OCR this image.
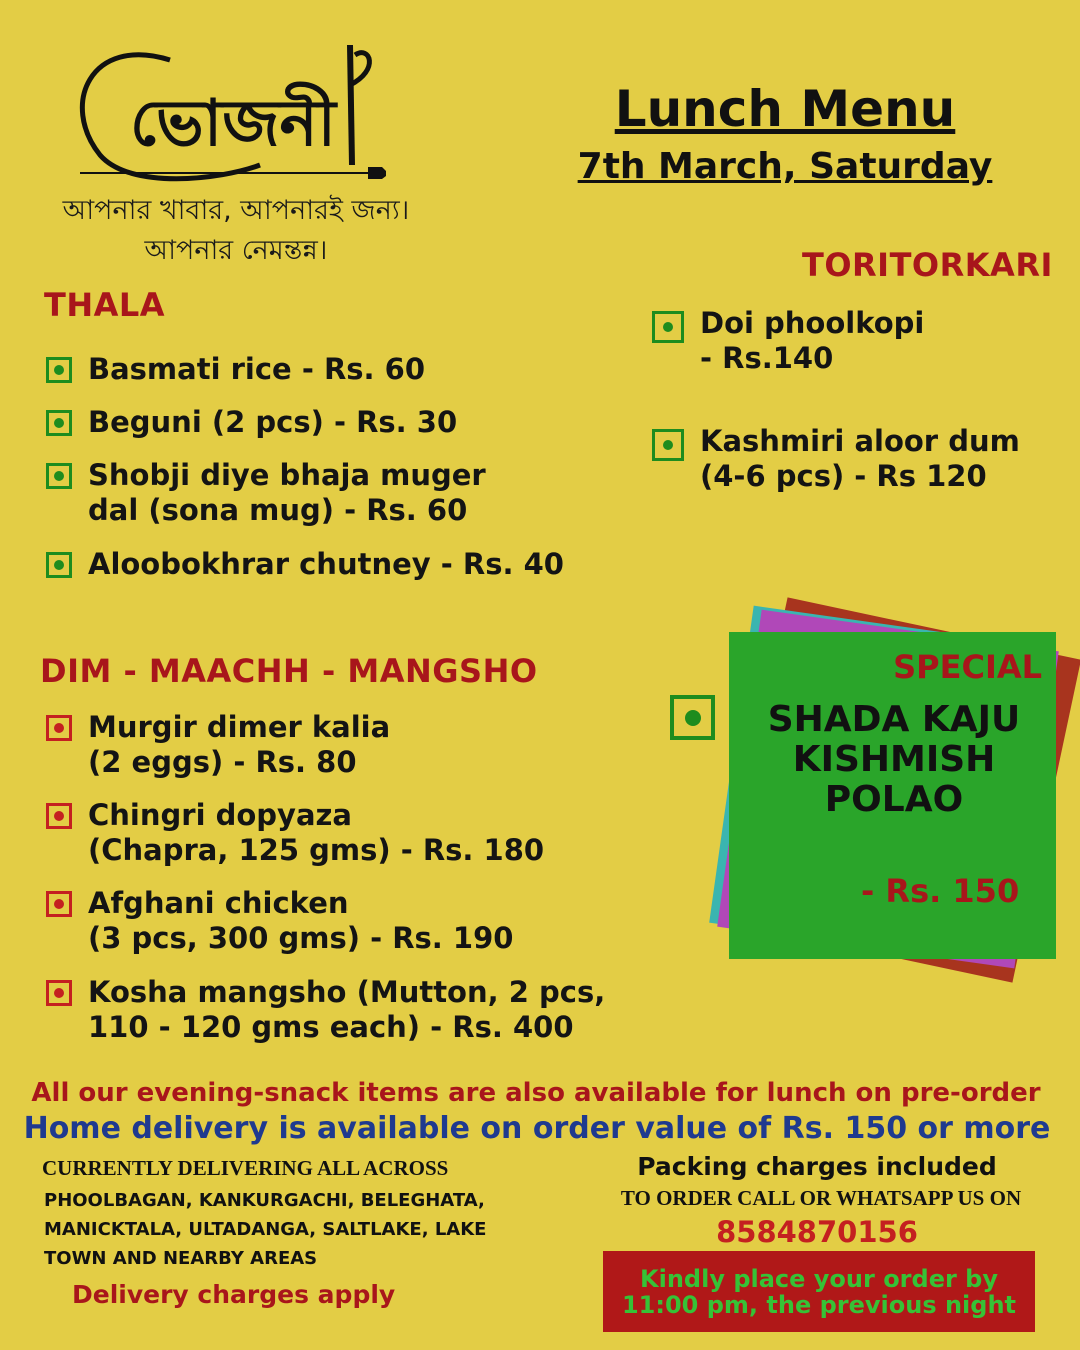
ভোজনী
আপনার খাবার, আপনারই জন্য।
আপনার নেমন্তন্ন।
Lunch Menu
7th March, Saturday
THALA
Basmati rice - Rs. 60
Beguni (2 pcs) - Rs. 30
Shobji diye bhaja muger
dal (sona mug) - Rs. 60
Aloobokhrar chutney - Rs. 40
TORITORKARI
Doi phoolkopi
- Rs.140
Kashmiri aloor dum
(4-6 pcs) - Rs 120
DIM - MAACHH - MANGSHO
Murgir dimer kalia
(2 eggs) - Rs. 80
Chingri dopyaza
(Chapra, 125 gms) - Rs. 180
Afghani chicken
(3 pcs, 300 gms) - Rs. 190
Kosha mangsho (Mutton, 2 pcs,
110 - 120 gms each) - Rs. 400
SPECIAL
SHADA KAJU
KISHMISH
POLAO
- Rs. 150
All our evening-snack items are also available for lunch on pre-order
Home delivery is available on order value of Rs. 150 or more
CURRENTLY DELIVERING ALL ACROSS
PHOOLBAGAN, KANKURGACHI, BELEGHATA,
MANICKTALA, ULTADANGA, SALTLAKE, LAKE
TOWN AND NEARBY AREAS
Delivery charges apply
Packing charges included
TO ORDER CALL OR WHATSAPP US ON
8584870156
Kindly place your order by
11:00 pm, the previous night
